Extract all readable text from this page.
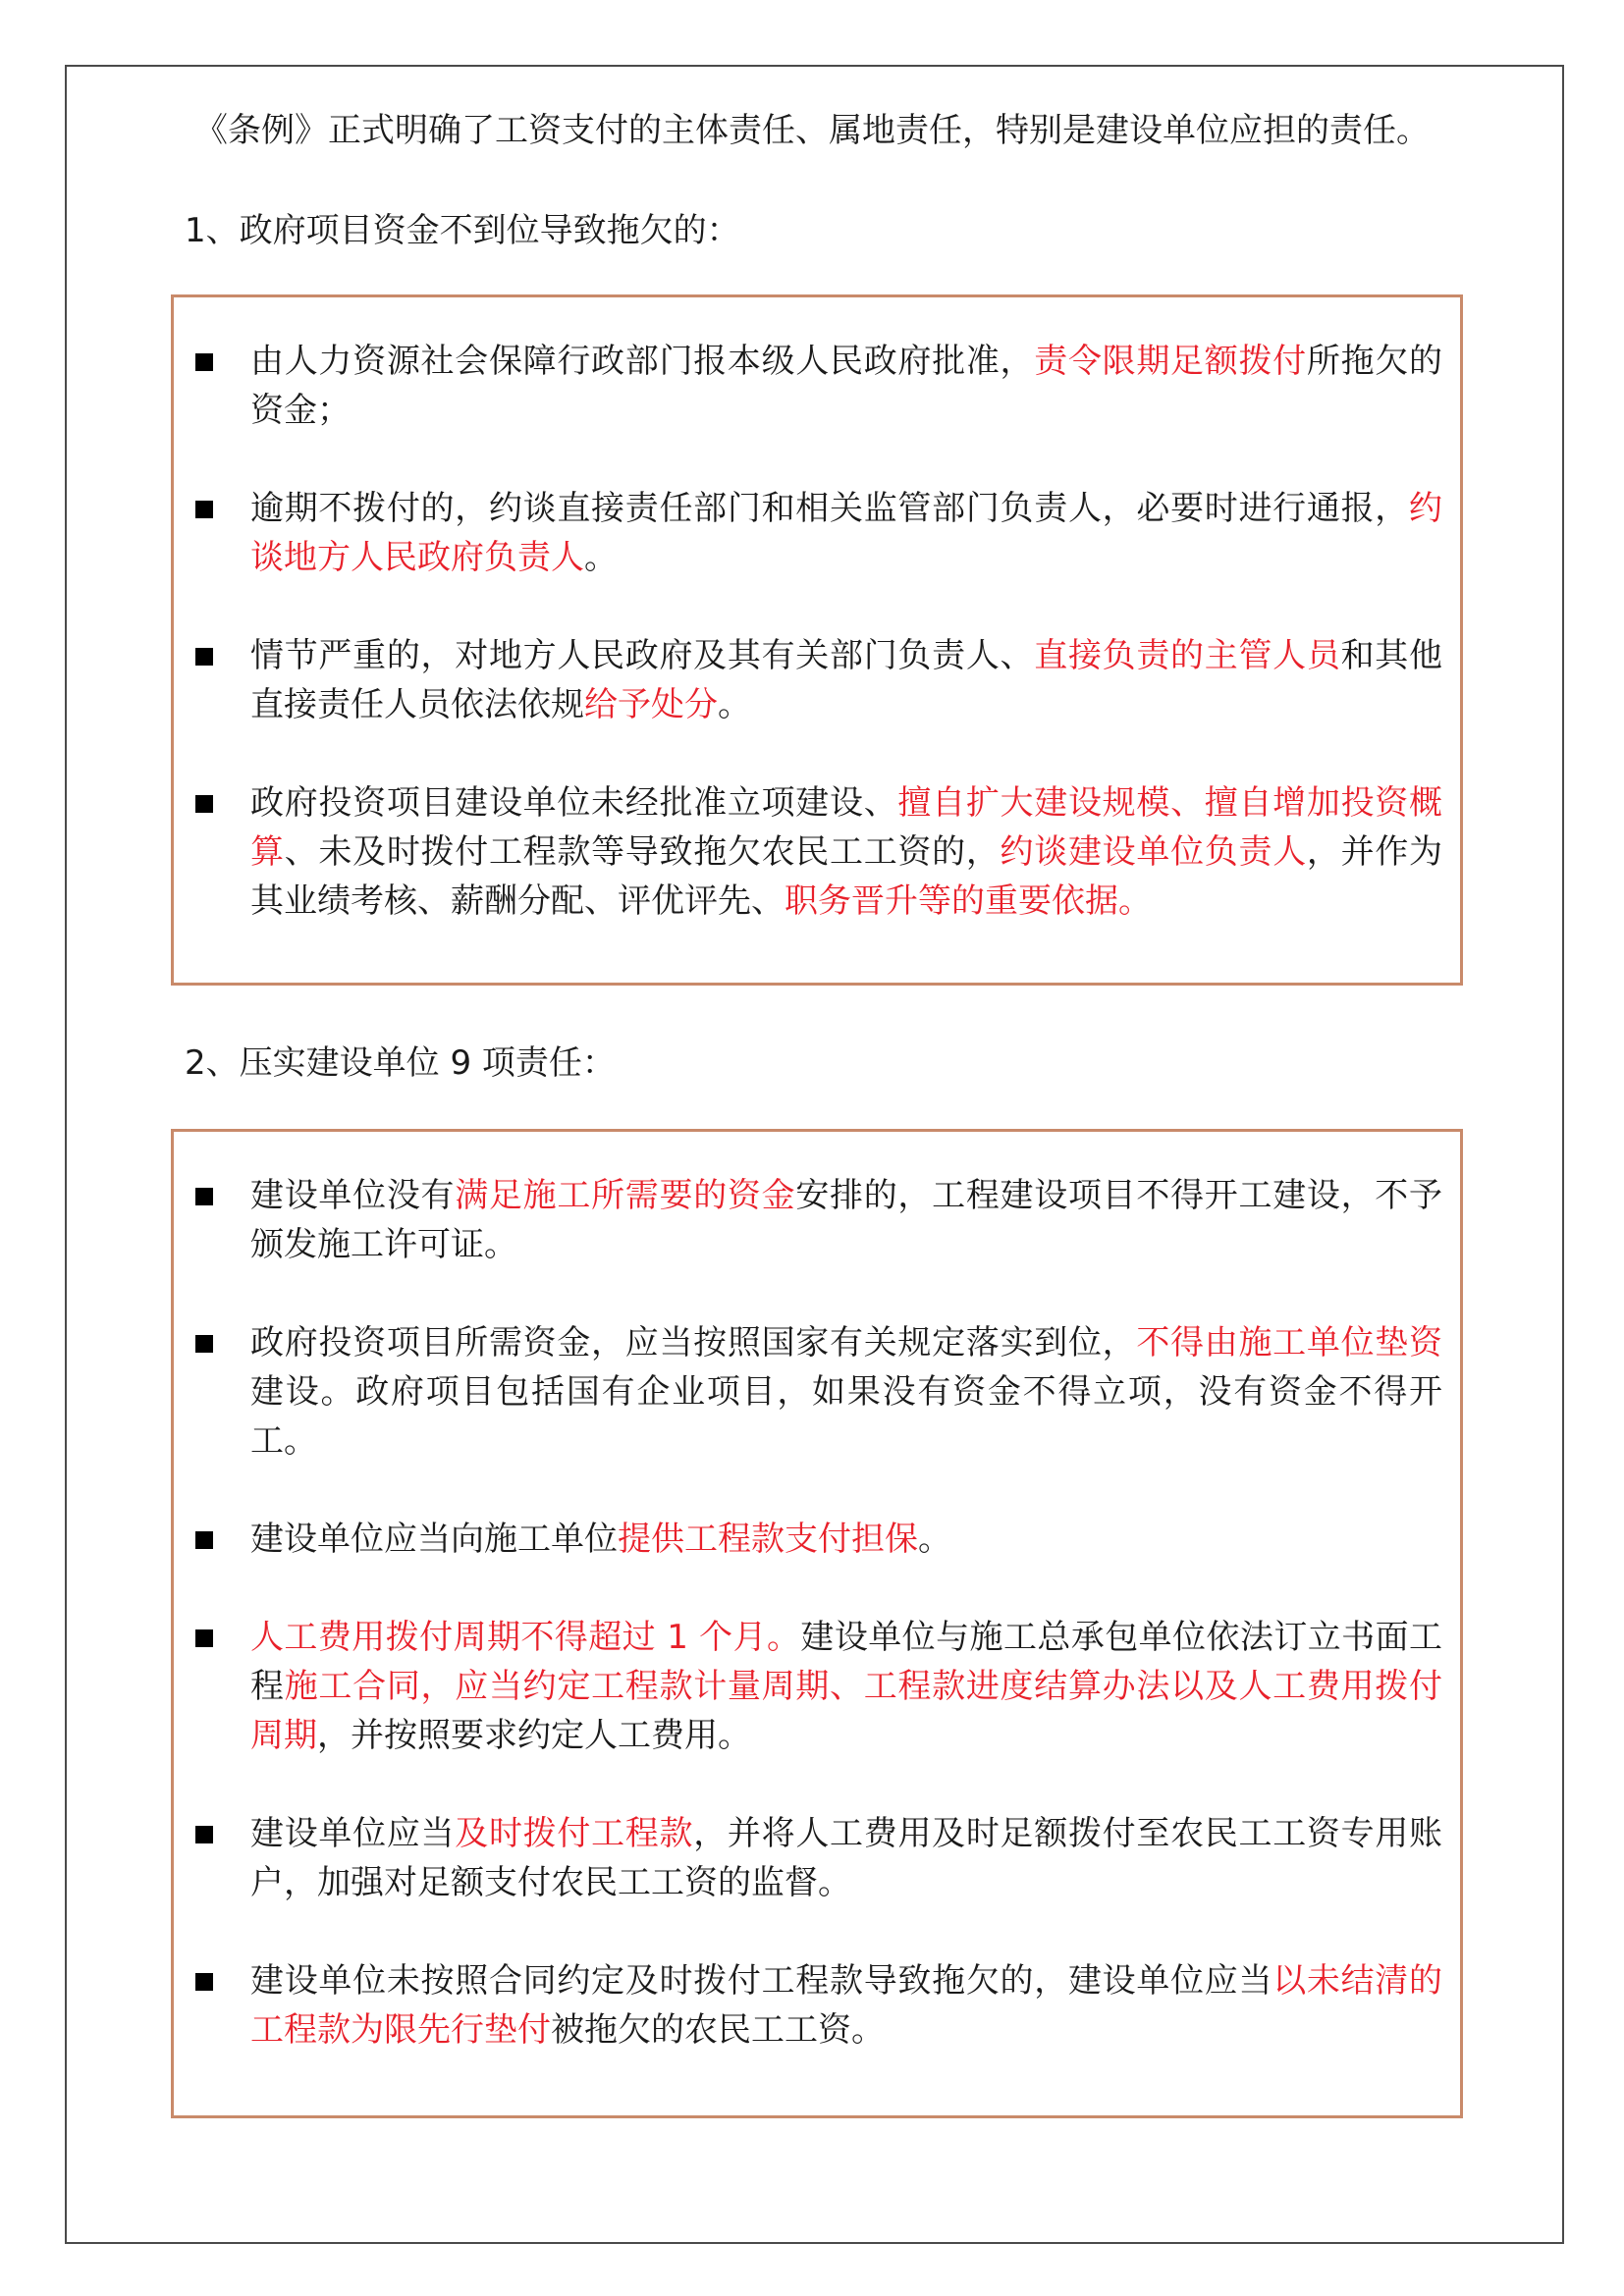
《条例》正式明确了工资支付的主体责任、属地责任，特别是建设单位应担的责任。
1、政府项目资金不到位导致拖欠的：
由人力资源社会保障行政部门报本级人民政府批准，责令限期足额拨付所拖欠的资金；
逾期不拨付的，约谈直接责任部门和相关监管部门负责人，必要时进行通报，约谈地方人民政府负责人。
情节严重的，对地方人民政府及其有关部门负责人、直接负责的主管人员和其他直接责任人员依法依规给予处分。
政府投资项目建设单位未经批准立项建设、擅自扩大建设规模、擅自增加投资概算、未及时拨付工程款等导致拖欠农民工工资的，约谈建设单位负责人，并作为其业绩考核、薪酬分配、评优评先、职务晋升等的重要依据。
2、压实建设单位 9 项责任：
建设单位没有满足施工所需要的资金安排的，工程建设项目不得开工建设，不予颁发施工许可证。
政府投资项目所需资金，应当按照国家有关规定落实到位，不得由施工单位垫资建设。政府项目包括国有企业项目，如果没有资金不得立项，没有资金不得开工。
建设单位应当向施工单位提供工程款支付担保。
人工费用拨付周期不得超过 1 个月。建设单位与施工总承包单位依法订立书面工程施工合同，应当约定工程款计量周期、工程款进度结算办法以及人工费用拨付周期，并按照要求约定人工费用。
建设单位应当及时拨付工程款，并将人工费用及时足额拨付至农民工工资专用账户，加强对足额支付农民工工资的监督。
建设单位未按照合同约定及时拨付工程款导致拖欠的，建设单位应当以未结清的工程款为限先行垫付被拖欠的农民工工资。
